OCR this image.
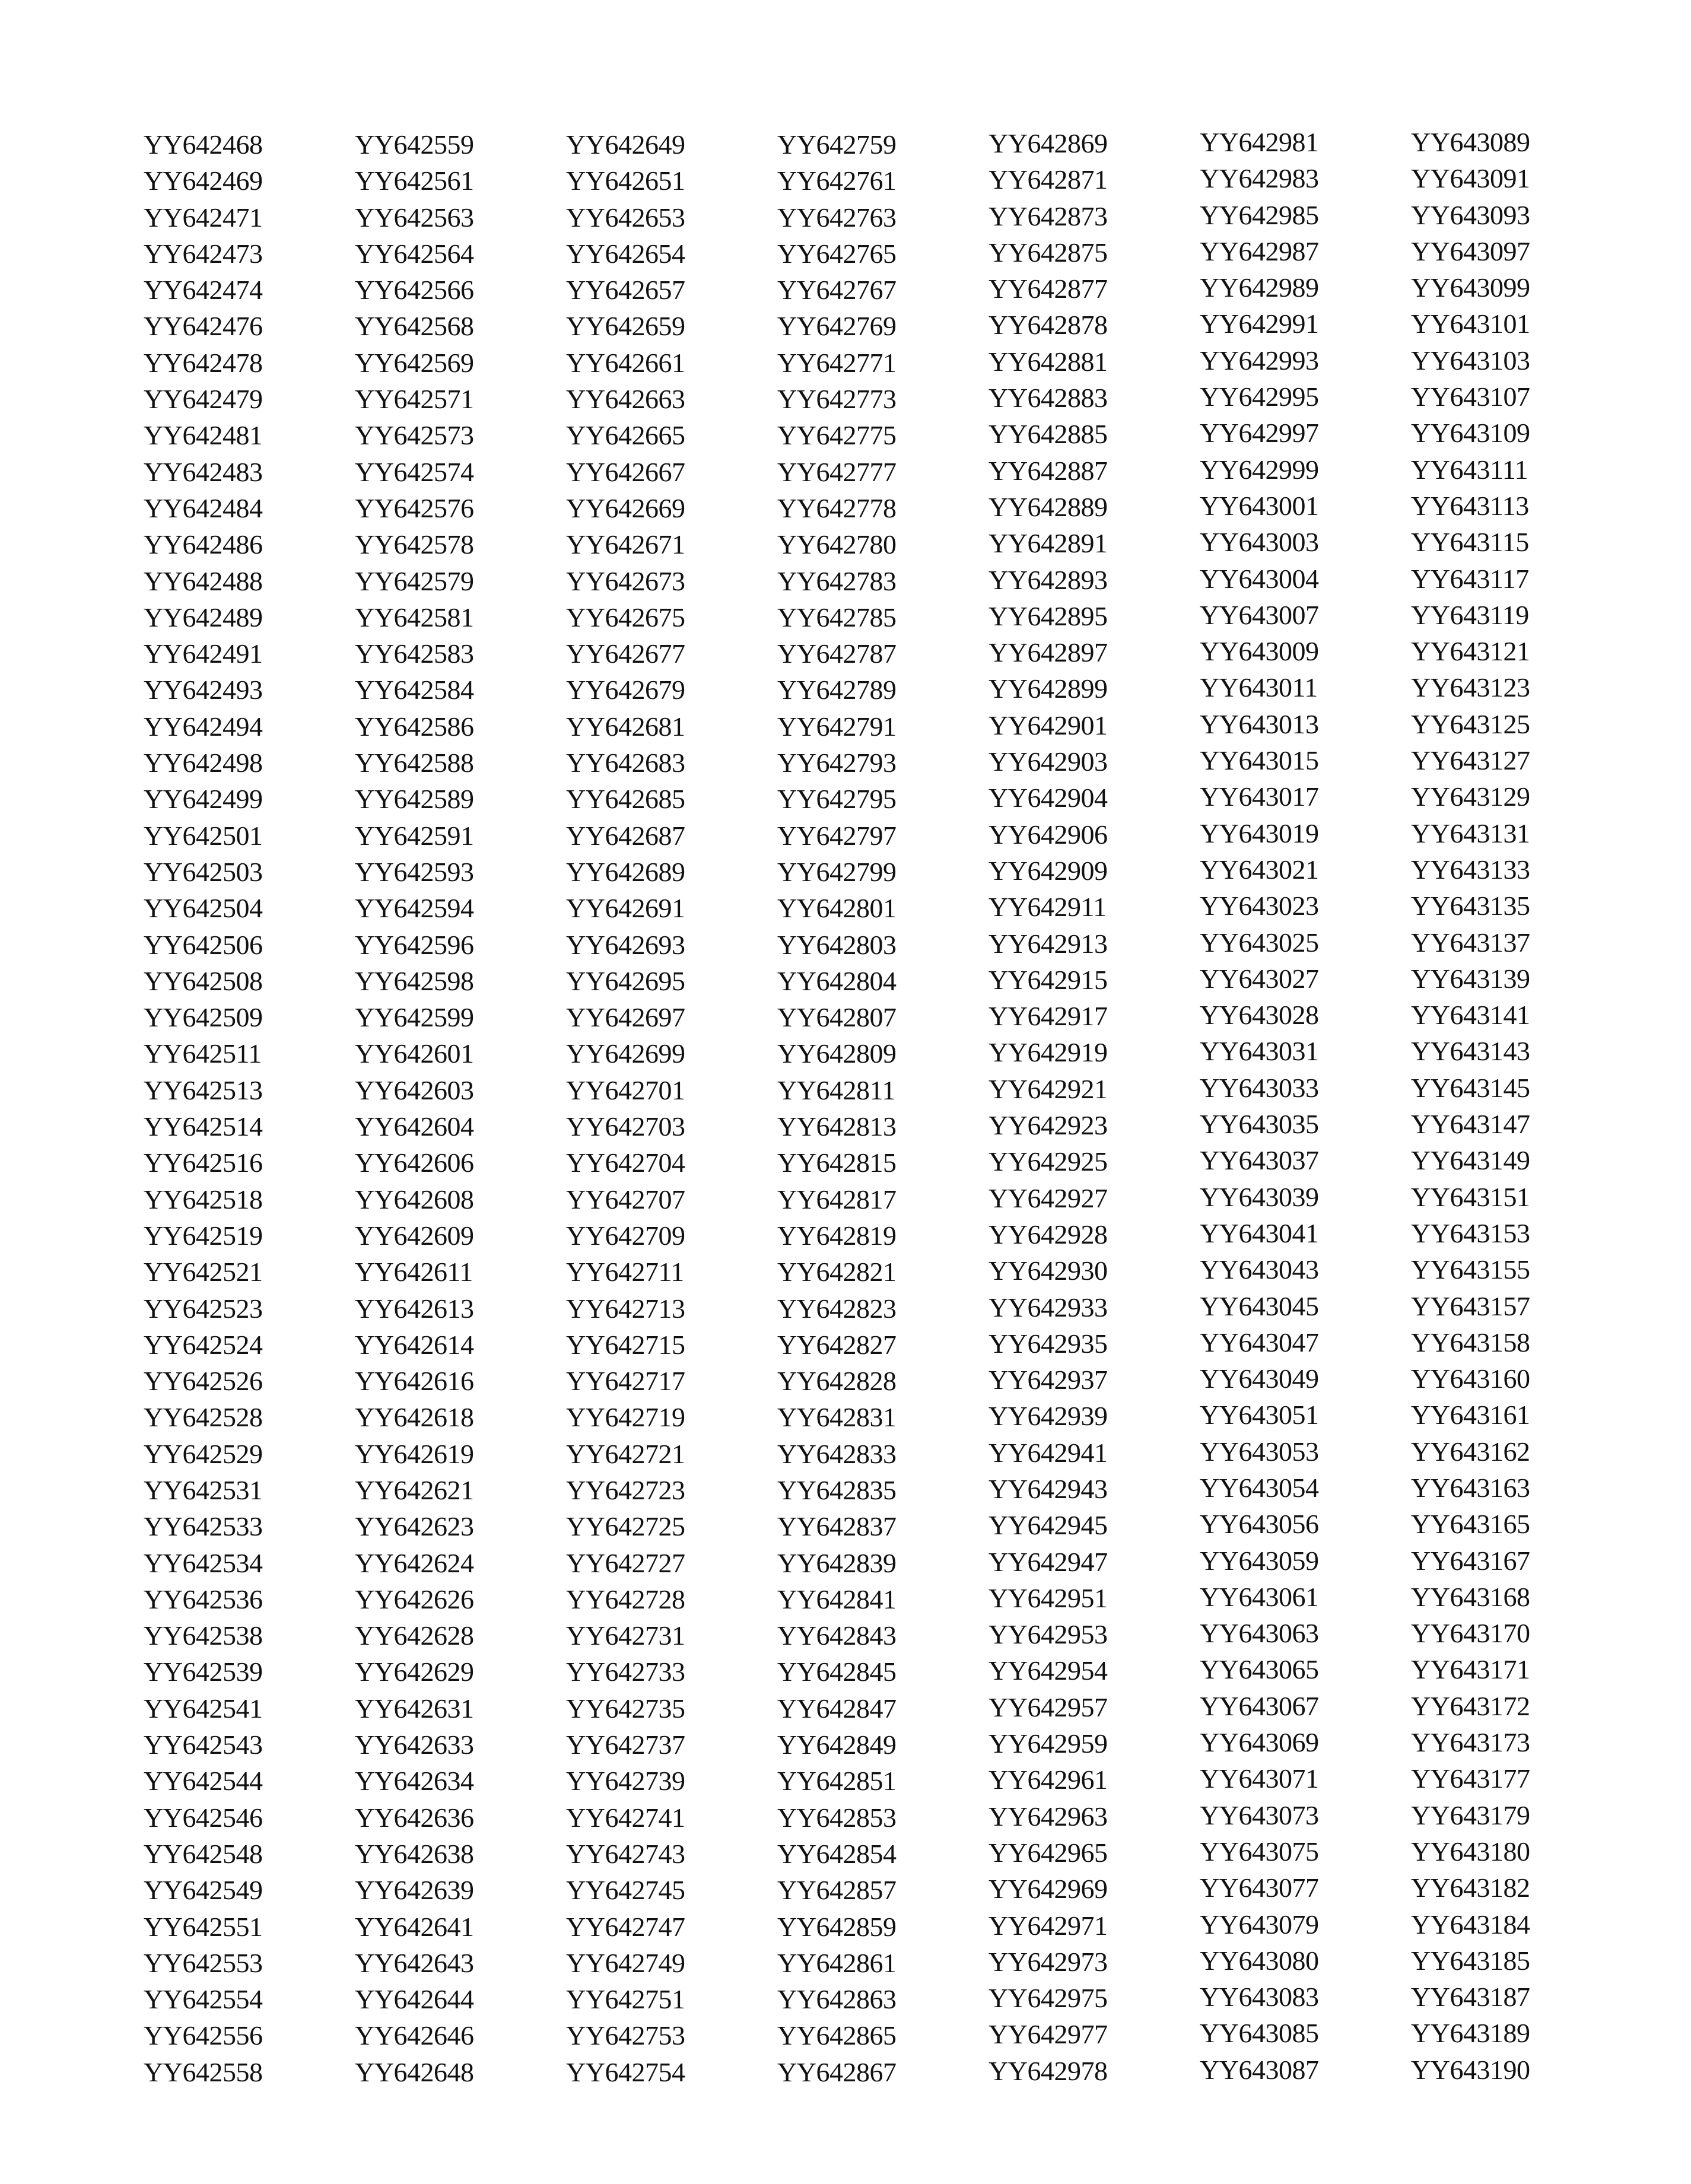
YY642468
YY642469
YY642471
YY642473
YY642474
YY642476
YY642478
YY642479
YY642481
YY642483
YY642484
YY642486
YY642488
YY642489
YY642491
YY642493
YY642494
YY642498
YY642499
YY642501
YY642503
YY642504
YY642506
YY642508
YY642509
YY642511
YY642513
YY642514
YY642516
YY642518
YY642519
YY642521
YY642523
YY642524
YY642526
YY642528
YY642529
YY642531
YY642533
YY642534
YY642536
YY642538
YY642539
YY642541
YY642543
YY642544
YY642546
YY642548
YY642549
YY642551
YY642553
YY642554
YY642556
YY642558
YY642559
YY642561
YY642563
YY642564
YY642566
YY642568
YY642569
YY642571
YY642573
YY642574
YY642576
YY642578
YY642579
YY642581
YY642583
YY642584
YY642586
YY642588
YY642589
YY642591
YY642593
YY642594
YY642596
YY642598
YY642599
YY642601
YY642603
YY642604
YY642606
YY642608
YY642609
YY642611
YY642613
YY642614
YY642616
YY642618
YY642619
YY642621
YY642623
YY642624
YY642626
YY642628
YY642629
YY642631
YY642633
YY642634
YY642636
YY642638
YY642639
YY642641
YY642643
YY642644
YY642646
YY642648
YY642649
YY642651
YY642653
YY642654
YY642657
YY642659
YY642661
YY642663
YY642665
YY642667
YY642669
YY642671
YY642673
YY642675
YY642677
YY642679
YY642681
YY642683
YY642685
YY642687
YY642689
YY642691
YY642693
YY642695
YY642697
YY642699
YY642701
YY642703
YY642704
YY642707
YY642709
YY642711
YY642713
YY642715
YY642717
YY642719
YY642721
YY642723
YY642725
YY642727
YY642728
YY642731
YY642733
YY642735
YY642737
YY642739
YY642741
YY642743
YY642745
YY642747
YY642749
YY642751
YY642753
YY642754
YY642759
YY642761
YY642763
YY642765
YY642767
YY642769
YY642771
YY642773
YY642775
YY642777
YY642778
YY642780
YY642783
YY642785
YY642787
YY642789
YY642791
YY642793
YY642795
YY642797
YY642799
YY642801
YY642803
YY642804
YY642807
YY642809
YY642811
YY642813
YY642815
YY642817
YY642819
YY642821
YY642823
YY642827
YY642828
YY642831
YY642833
YY642835
YY642837
YY642839
YY642841
YY642843
YY642845
YY642847
YY642849
YY642851
YY642853
YY642854
YY642857
YY642859
YY642861
YY642863
YY642865
YY642867
YY642869
YY642871
YY642873
YY642875
YY642877
YY642878
YY642881
YY642883
YY642885
YY642887
YY642889
YY642891
YY642893
YY642895
YY642897
YY642899
YY642901
YY642903
YY642904
YY642906
YY642909
YY642911
YY642913
YY642915
YY642917
YY642919
YY642921
YY642923
YY642925
YY642927
YY642928
YY642930
YY642933
YY642935
YY642937
YY642939
YY642941
YY642943
YY642945
YY642947
YY642951
YY642953
YY642954
YY642957
YY642959
YY642961
YY642963
YY642965
YY642969
YY642971
YY642973
YY642975
YY642977
YY642978
YY642981
YY642983
YY642985
YY642987
YY642989
YY642991
YY642993
YY642995
YY642997
YY642999
YY643001
YY643003
YY643004
YY643007
YY643009
YY643011
YY643013
YY643015
YY643017
YY643019
YY643021
YY643023
YY643025
YY643027
YY643028
YY643031
YY643033
YY643035
YY643037
YY643039
YY643041
YY643043
YY643045
YY643047
YY643049
YY643051
YY643053
YY643054
YY643056
YY643059
YY643061
YY643063
YY643065
YY643067
YY643069
YY643071
YY643073
YY643075
YY643077
YY643079
YY643080
YY643083
YY643085
YY643087
YY643089
YY643091
YY643093
YY643097
YY643099
YY643101
YY643103
YY643107
YY643109
YY643111
YY643113
YY643115
YY643117
YY643119
YY643121
YY643123
YY643125
YY643127
YY643129
YY643131
YY643133
YY643135
YY643137
YY643139
YY643141
YY643143
YY643145
YY643147
YY643149
YY643151
YY643153
YY643155
YY643157
YY643158
YY643160
YY643161
YY643162
YY643163
YY643165
YY643167
YY643168
YY643170
YY643171
YY643172
YY643173
YY643177
YY643179
YY643180
YY643182
YY643184
YY643185
YY643187
YY643189
YY643190
